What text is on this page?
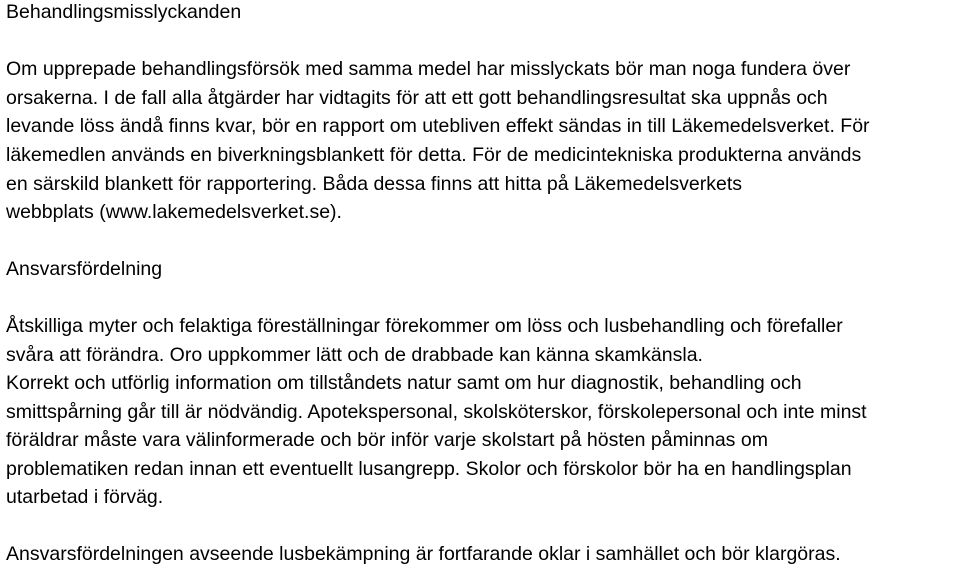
Behandlingsmisslyckanden
Om upprepade behandlingsförsök med samma medel har misslyckats bör man noga fundera över
orsakerna. I de fall alla åtgärder har vidtagits för att ett gott behandlingsresultat ska uppnås och
levande löss ändå finns kvar, bör en rapport om utebliven effekt sändas in till Läkemedelsverket. För
läkemedlen används en biverkningsblankett för detta. För de medicintekniska produkterna används
en särskild blankett för rapportering. Båda dessa finns att hitta på Läkemedelsverkets
webbplats (www.lakemedelsverket.se).
Ansvarsfördelning
Åtskilliga myter och felaktiga föreställningar förekommer om löss och lusbehandling och förefaller
svåra att förändra. Oro uppkommer lätt och de drabbade kan känna skamkänsla.
Korrekt och utförlig information om tillståndets natur samt om hur diagnostik, behandling och
smittspårning går till är nödvändig. Apotekspersonal, skolsköterskor, förskolepersonal och inte minst
föräldrar måste vara välinformerade och bör inför varje skolstart på hösten påminnas om
problematiken redan innan ett eventuellt lusangrepp. Skolor och förskolor bör ha en handlingsplan
utarbetad i förväg.
Ansvarsfördelningen avseende lusbekämpning är fortfarande oklar i samhället och bör klargöras.
